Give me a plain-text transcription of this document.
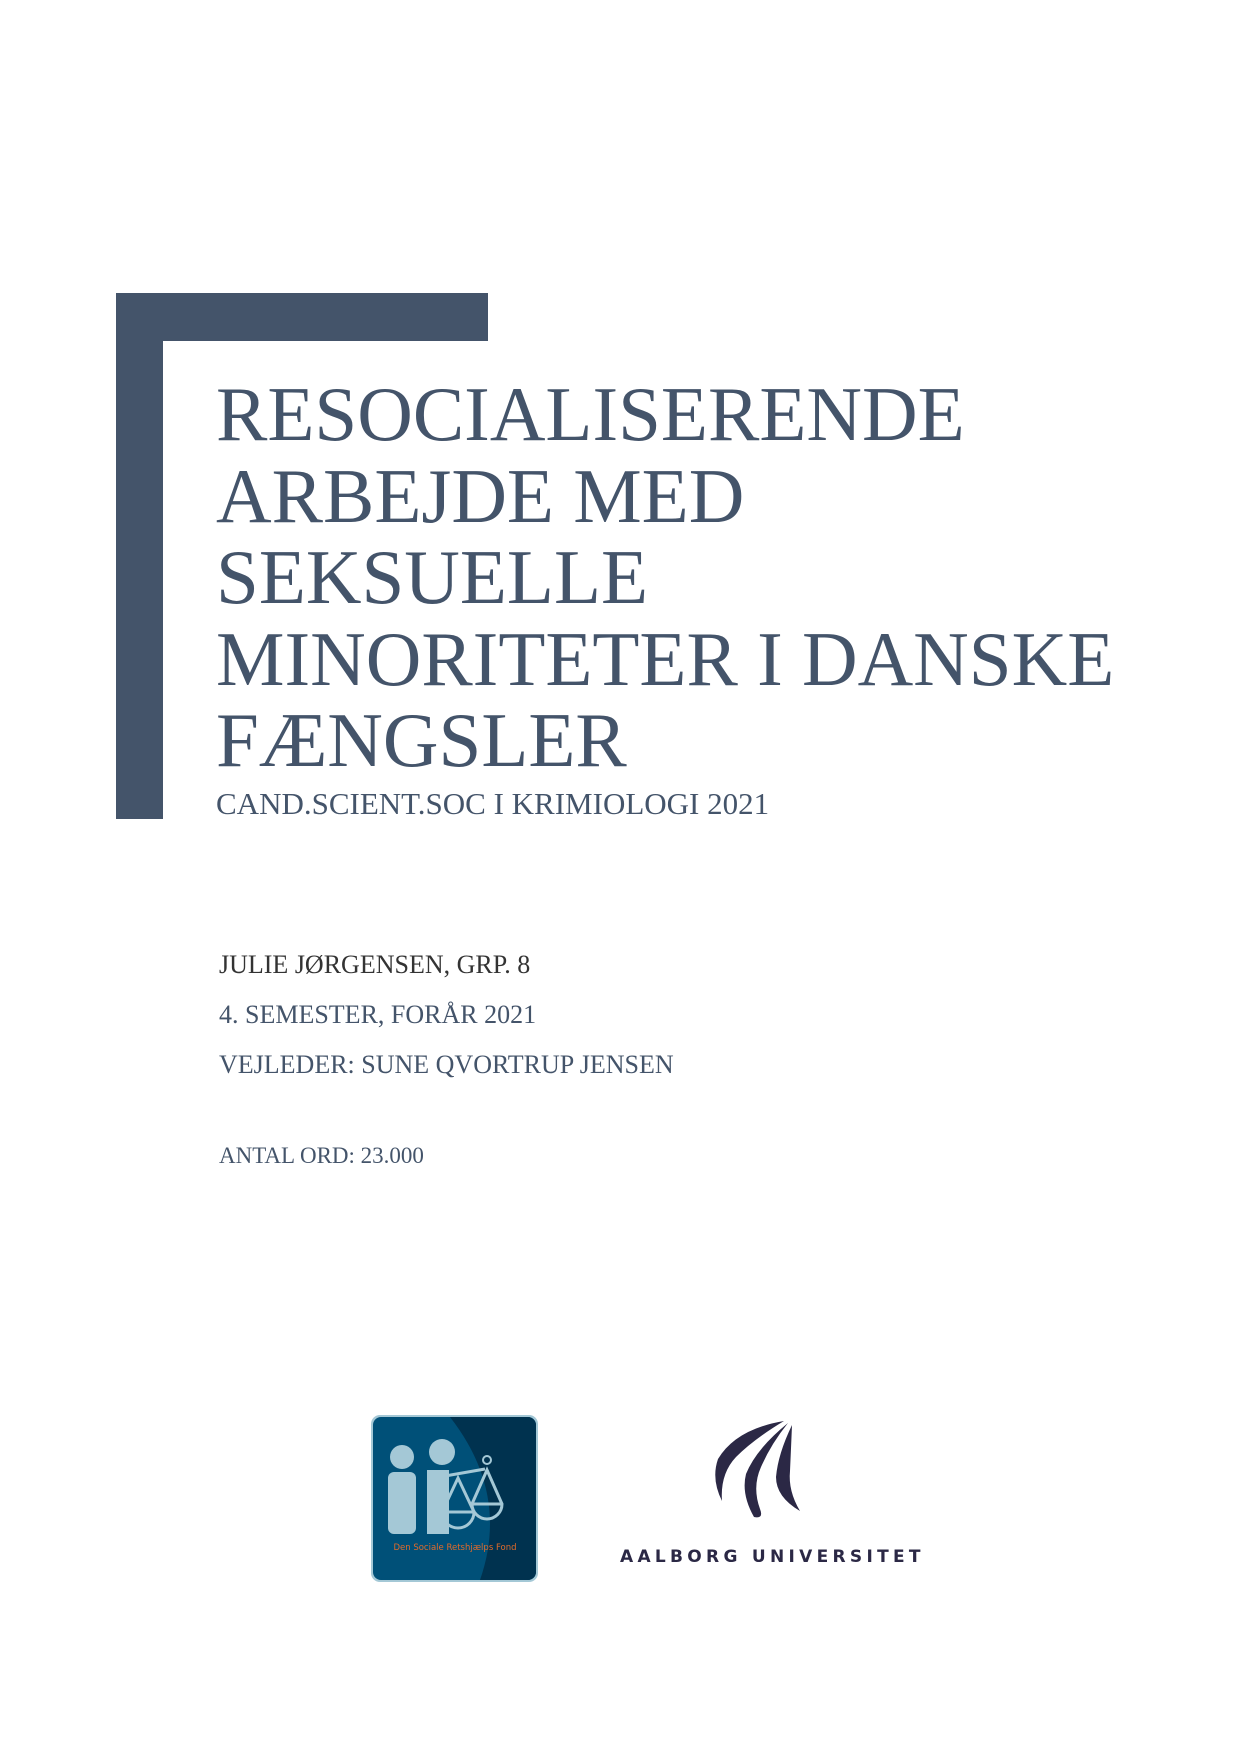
RESOCIALISERENDE
ARBEJDE MED
SEKSUELLE
MINORITETER I DANSKE
FÆNGSLER
CAND.SCIENT.SOC I KRIMIOLOGI 2021
JULIE JØRGENSEN, GRP. 8
4. SEMESTER, FORÅR 2021
VEJLEDER: SUNE QVORTRUP JENSEN
ANTAL ORD: 23.000
Den Sociale Retshjælps Fond	AALBORG UNIVERSITET
